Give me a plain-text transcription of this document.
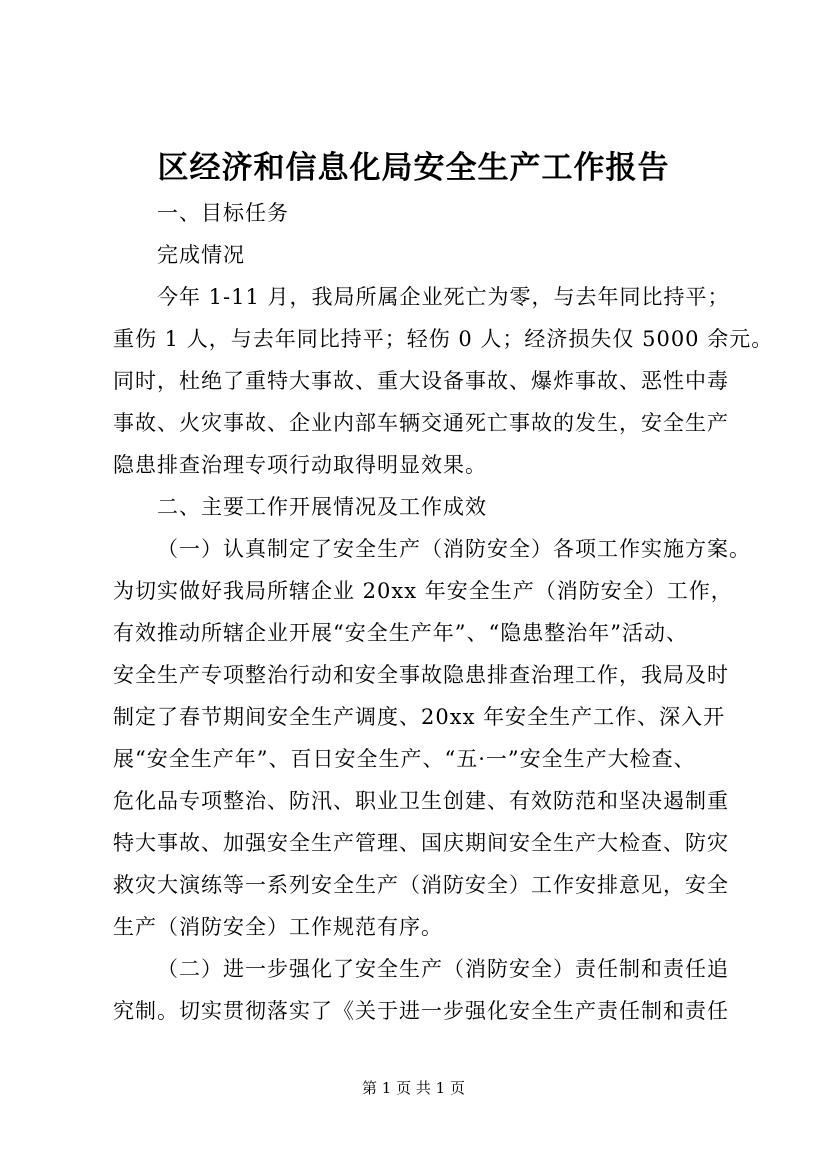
区经济和信息化局安全生产工作报告

一、目标任务

完成情况

今年 1-11 月，我局所属企业死亡为零，与去年同比持平；

重伤 1 人，与去年同比持平；轻伤 0 人；经济损失仅 5000 余元。

同时，杜绝了重特大事故、重大设备事故、爆炸事故、恶性中毒

事故、火灾事故、企业内部车辆交通死亡事故的发生，安全生产

隐患排查治理专项行动取得明显效果。

二、主要工作开展情况及工作成效

（一）认真制定了安全生产（消防安全）各项工作实施方案。

为切实做好我局所辖企业 20xx 年安全生产（消防安全）工作，

有效推动所辖企业开展“安全生产年”、“隐患整治年”活动、

安全生产专项整治行动和安全事故隐患排查治理工作，我局及时

制定了春节期间安全生产调度、20xx 年安全生产工作、深入开

展“安全生产年”、百日安全生产、“五·一”安全生产大检查、

危化品专项整治、防汛、职业卫生创建、有效防范和坚决遏制重

特大事故、加强安全生产管理、国庆期间安全生产大检查、防灾

救灾大演练等一系列安全生产（消防安全）工作安排意见，安全

生产（消防安全）工作规范有序。

（二）进一步强化了安全生产（消防安全）责任制和责任追

究制。切实贯彻落实了《关于进一步强化安全生产责任制和责任

第 1 页 共 1 页
